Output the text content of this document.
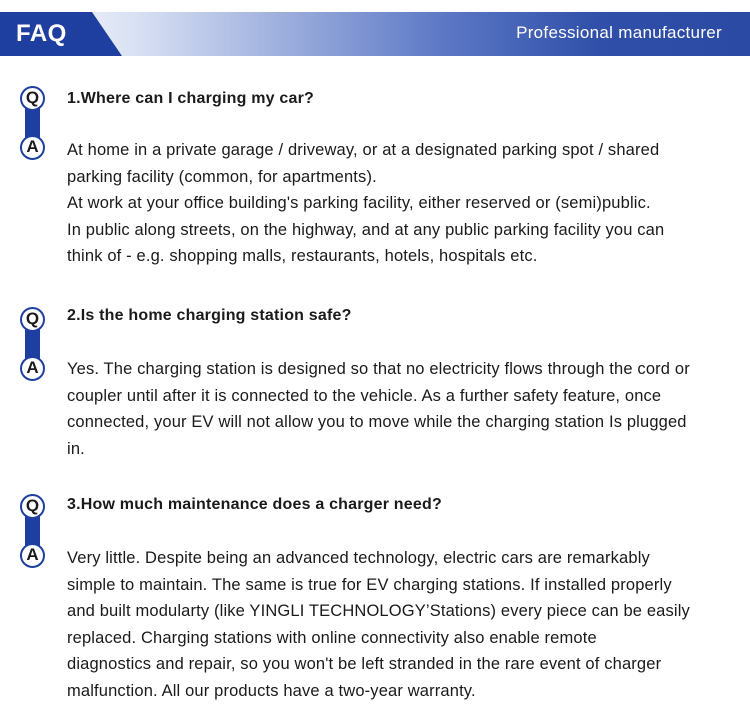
FAQ	Professional manufacturer
Q
A
1.Where can I charging my car?

At home in a private garage / driveway, or at a designated parking spot / shared

parking facility (common, for apartments).

At work at your office building's parking facility, either reserved or (semi)public.

In public along streets, on the highway, and at any public parking facility you can

think of - e.g. shopping malls, restaurants, hotels, hospitals etc.

Q
A
2.Is the home charging station safe?

Yes. The charging station is designed so that no electricity flows through the cord or

coupler until after it is connected to the vehicle. As a further safety feature, once

connected, your EV will not allow you to move while the charging station Is plugged

in.

Q
A
3.How much maintenance does a charger need?

Very little. Despite being an advanced technology, electric cars are remarkably

simple to maintain. The same is true for EV charging stations. If installed properly

and built modularty (like YINGLI TECHNOLOGY’Stations) every piece can be easily

replaced. Charging stations with online connectivity also enable remote

diagnostics and repair, so you won't be left stranded in the rare event of charger

malfunction. All our products have a two-year warranty.
